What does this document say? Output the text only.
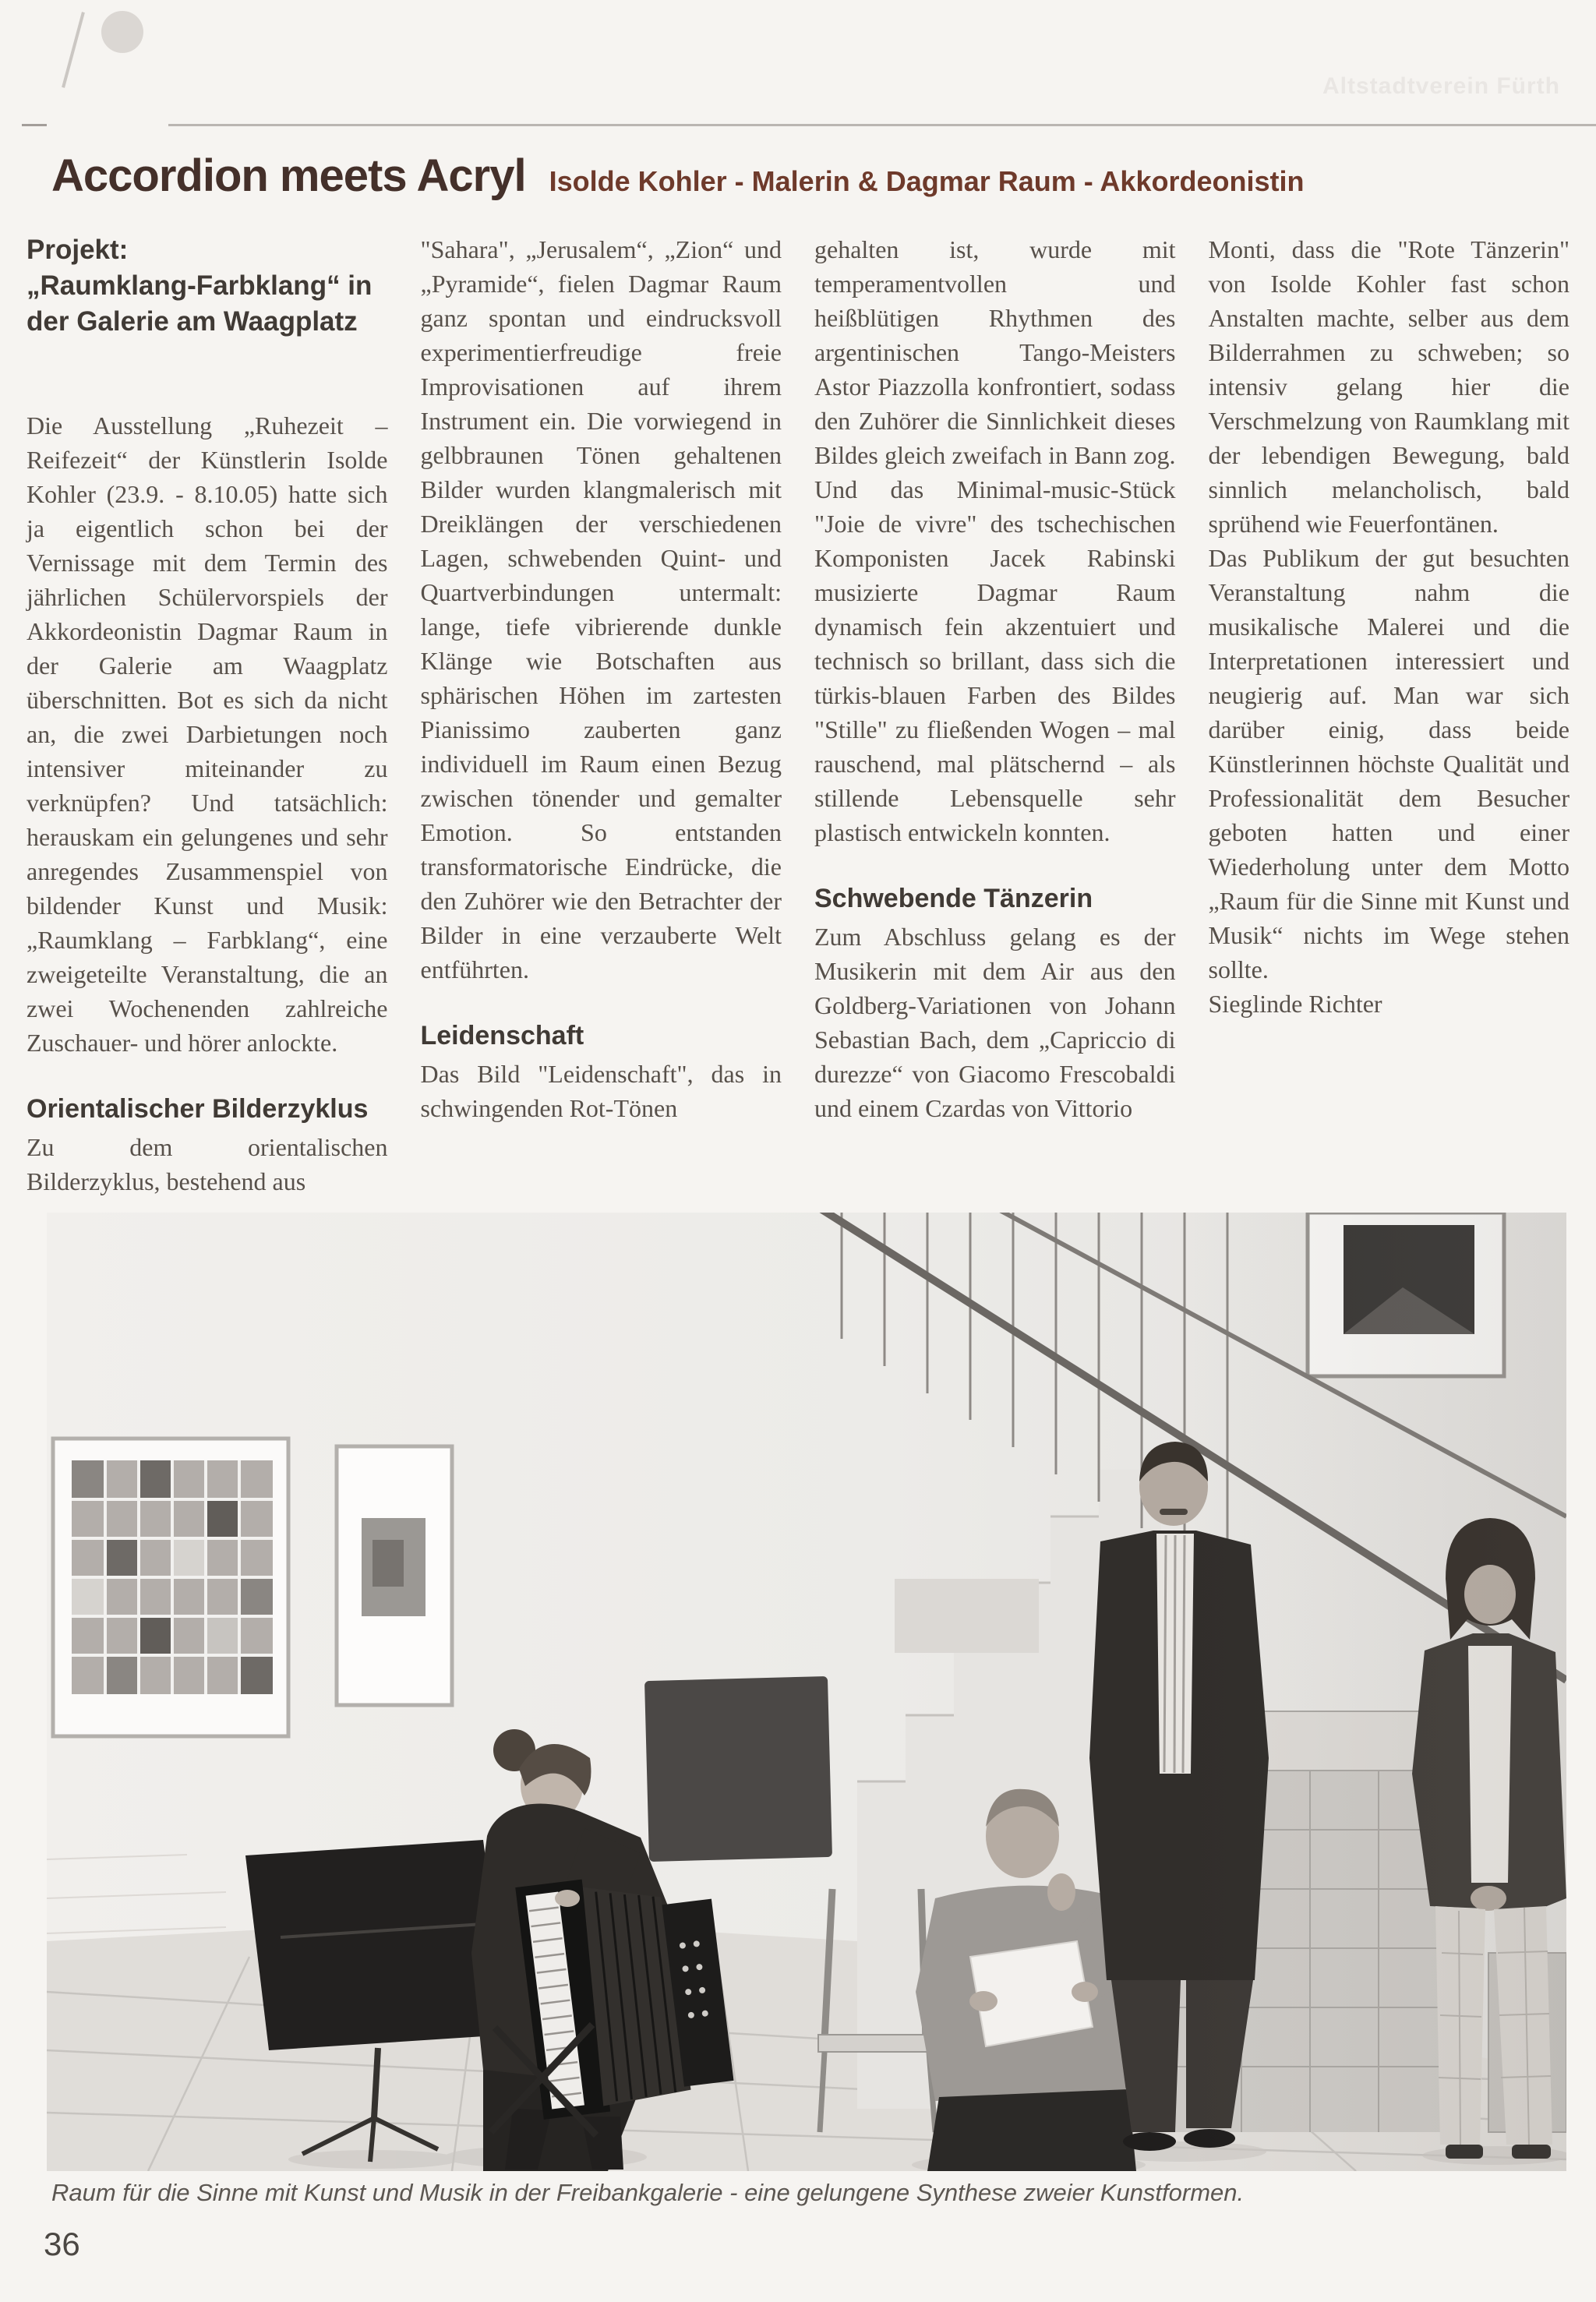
Altstadtverein Fürth
Accordion meets Acryl Isolde Kohler - Malerin & Dagmar Raum - Akkordeonistin
Projekt:
„Raumklang-Farbklang“ in der Galerie am Waagplatz

Die Ausstellung „Ruhezeit – Reifezeit“ der Künstlerin Isolde Kohler (23.9. - 8.10.05) hatte sich ja eigentlich schon bei der Vernissage mit dem Termin des jährlichen Schülervorspiels der Akkordeonistin Dagmar Raum in der Galerie am Waagplatz überschnitten. Bot es sich da nicht an, die zwei Darbietungen noch intensiver miteinander zu verknüpfen? Und tatsächlich: herauskam ein gelungenes und sehr anregendes Zusammenspiel von bildender Kunst und Musik: „Raumklang – Farbklang“, eine zweigeteilte Veranstaltung, die an zwei Wochenenden zahlreiche Zuschauer- und hörer anlockte.

Orientalischer Bilderzyklus

Zu dem orientalischen Bilderzyklus, bestehend aus

"Sahara", „Jerusalem“, „Zion“ und „Pyramide“, fielen Dagmar Raum ganz spontan und eindrucksvoll experimentierfreudige freie Improvisationen auf ihrem Instrument ein. Die vorwiegend in gelbbraunen Tönen gehaltenen Bilder wurden klangmalerisch mit Dreiklängen der verschiedenen Lagen, schwebenden Quint- und Quartverbindungen untermalt: lange, tiefe vibrierende dunkle Klänge wie Botschaften aus sphärischen Höhen im zartesten Pianissimo zauberten ganz individuell im Raum einen Bezug zwischen tönender und gemalter Emotion. So entstanden transformatorische Eindrücke, die den Zuhörer wie den Betrachter der Bilder in eine verzauberte Welt entführten.

Leidenschaft

Das Bild "Leidenschaft", das in schwingenden Rot-Tönen

gehalten ist, wurde mit temperamentvollen und heißblütigen Rhythmen des argentinischen Tango-Meisters Astor Piazzolla konfrontiert, sodass den Zuhörer die Sinnlichkeit dieses Bildes gleich zweifach in Bann zog. Und das Minimal-music-Stück "Joie de vivre" des tschechischen Komponisten Jacek Rabinski musizierte Dagmar Raum dynamisch fein akzentuiert und technisch so brillant, dass sich die türkis-blauen Farben des Bildes "Stille" zu fließenden Wogen – mal rauschend, mal plätschernd – als stillende Lebensquelle sehr plastisch entwickeln konnten.

Schwebende Tänzerin

Zum Abschluss gelang es der Musikerin mit dem Air aus den Goldberg-Variationen von Johann Sebastian Bach, dem „Capriccio di durezze“ von Giacomo Frescobaldi und einem Czardas von Vittorio

Monti, dass die "Rote Tänzerin" von Isolde Kohler fast schon Anstalten machte, selber aus dem Bilderrahmen zu schweben; so intensiv gelang hier die Verschmelzung von Raumklang mit der lebendigen Bewegung, bald sinnlich melancholisch, bald sprühend wie Feuerfontänen.

Das Publikum der gut besuchten Veranstaltung nahm die musikalische Malerei und die Interpretationen interessiert und neugierig auf. Man war sich darüber einig, dass beide Künstlerinnen höchste Qualität und Professionalität dem Besucher geboten hatten und einer Wiederholung unter dem Motto „Raum für die Sinne mit Kunst und Musik“ nichts im Wege stehen sollte.

Sieglinde Richter

Raum für die Sinne mit Kunst und Musik in der Freibankgalerie - eine gelungene Synthese zweier Kunstformen.
36
